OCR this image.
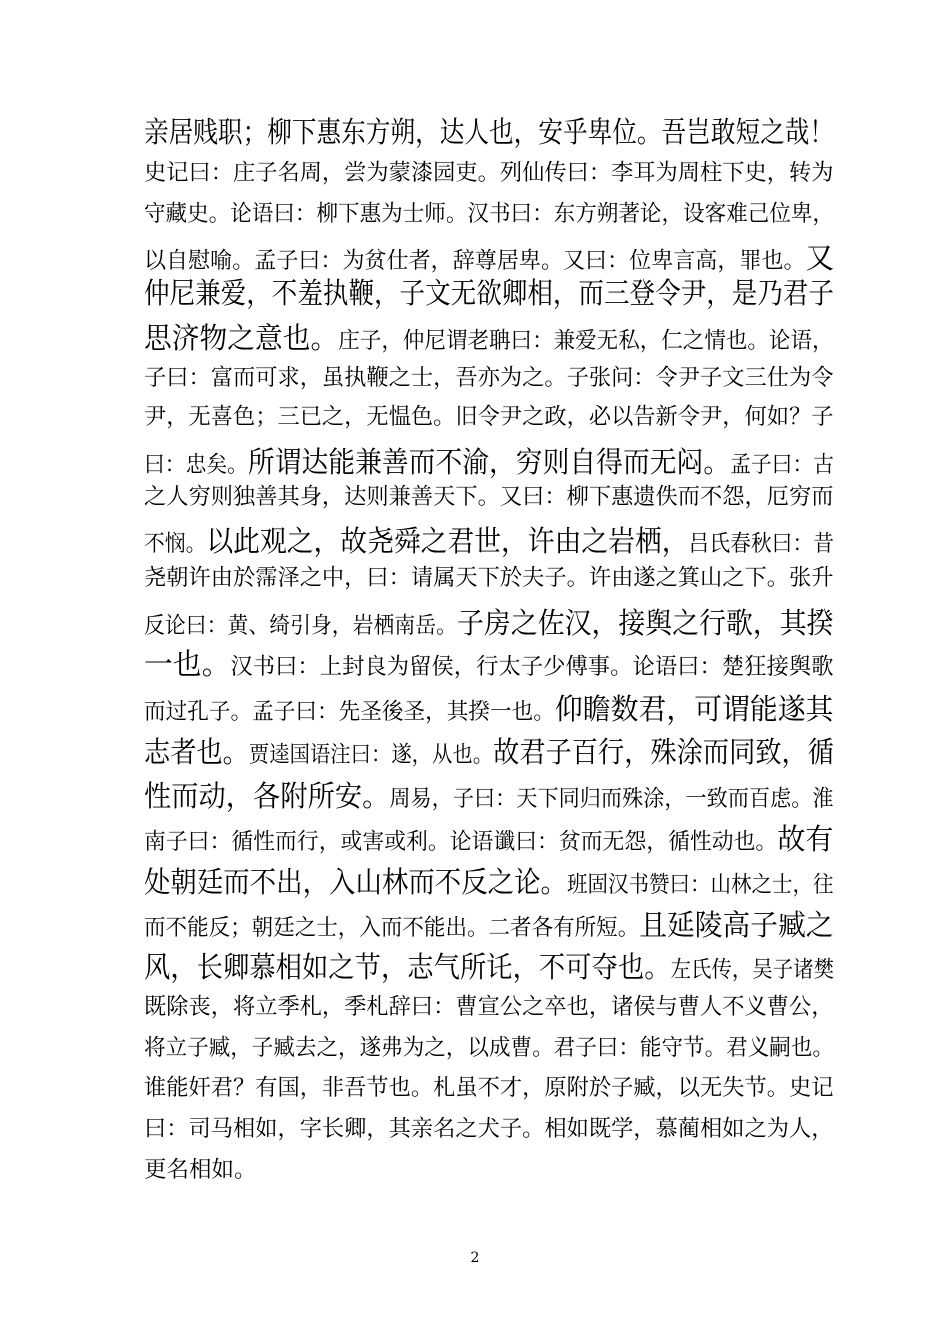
亲居贱职；柳下惠东方朔，达人也，安乎卑位。吾岂敢短之哉！
史记曰：庄子名周，尝为蒙漆园吏。列仙传曰：李耳为周柱下史，转为
守藏史。论语曰：柳下惠为士师。汉书曰：东方朔著论，设客难己位卑，
以自慰喻。孟子曰：为贫仕者，辞尊居卑。又曰：位卑言高，罪也。又
仲尼兼爱，不羞执鞭，子文无欲卿相，而三登令尹，是乃君子
思济物之意也。庄子，仲尼谓老聃曰：兼爱无私，仁之情也。论语，
子曰：富而可求，虽执鞭之士，吾亦为之。子张问：令尹子文三仕为令
尹，无喜色；三已之，无愠色。旧令尹之政，必以告新令尹，何如？子
曰：忠矣。所谓达能兼善而不渝，穷则自得而无闷。孟子曰：古
之人穷则独善其身，达则兼善天下。又曰：柳下惠遗佚而不怨，厄穷而
不悯。以此观之，故尧舜之君世，许由之岩栖，吕氏春秋曰：昔
尧朝许由於霈泽之中，曰：请属天下於夫子。许由遂之箕山之下。张升
反论曰：黄、绮引身，岩栖南岳。子房之佐汉，接舆之行歌，其揆
一也。汉书曰：上封良为留侯，行太子少傅事。论语曰：楚狂接舆歌
而过孔子。孟子曰：先圣後圣，其揆一也。仰瞻数君，可谓能遂其
志者也。贾逵国语注曰：遂，从也。故君子百行，殊涂而同致，循
性而动，各附所安。周易，子曰：天下同归而殊涂，一致而百虑。淮
南子曰：循性而行，或害或利。论语谶曰：贫而无怨，循性动也。故有
处朝廷而不出，入山林而不反之论。班固汉书赞曰：山林之士，往
而不能反；朝廷之士，入而不能出。二者各有所短。且延陵高子臧之
风，长卿慕相如之节，志气所讬，不可夺也。左氏传，吴子诸樊
既除丧，将立季札，季札辞曰：曹宣公之卒也，诸侯与曹人不义曹公，
将立子臧，子臧去之，遂弗为之，以成曹。君子曰：能守节。君义嗣也。
谁能奸君？有国，非吾节也。札虽不才，原附於子臧，以无失节。史记
曰：司马相如，字长卿，其亲名之犬子。相如既学，慕蔺相如之为人，
更名相如。
2
